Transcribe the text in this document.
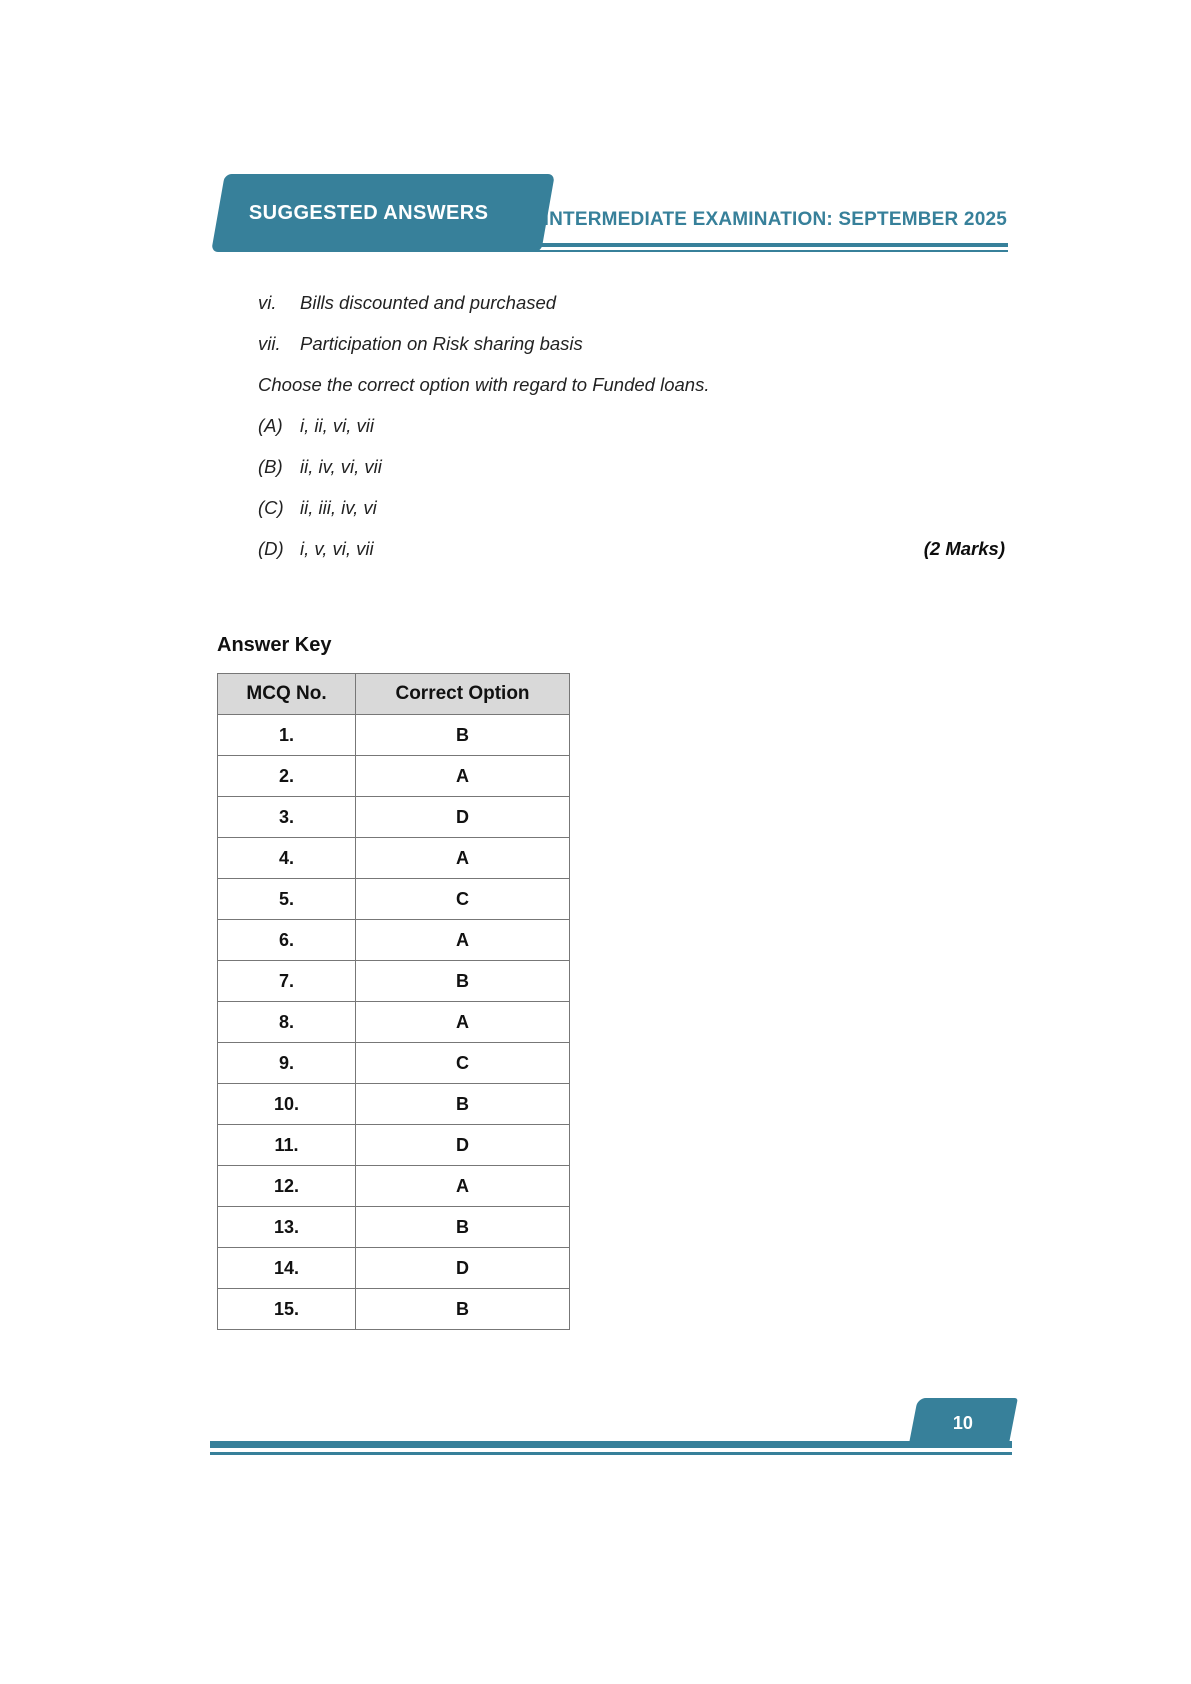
SUGGESTED ANSWERS	INTERMEDIATE EXAMINATION: SEPTEMBER 2025
vi.	Bills discounted and purchased
vii.	Participation on Risk sharing basis
Choose the correct option with regard to Funded loans.
(A) i, ii, vi, vii
(B) ii, iv, vi, vii
(C) ii, iii, iv, vi
(D) i, v, vi, vii	(2 Marks)
Answer Key
MCQ No.	Correct Option
1.	B
2.	A
3.	D
4.	A
5.	C
6.	A
7.	B
8.	A
9.	C
10.	B
11.	D
12.	A
13.	B
14.	D
15.	B
10
